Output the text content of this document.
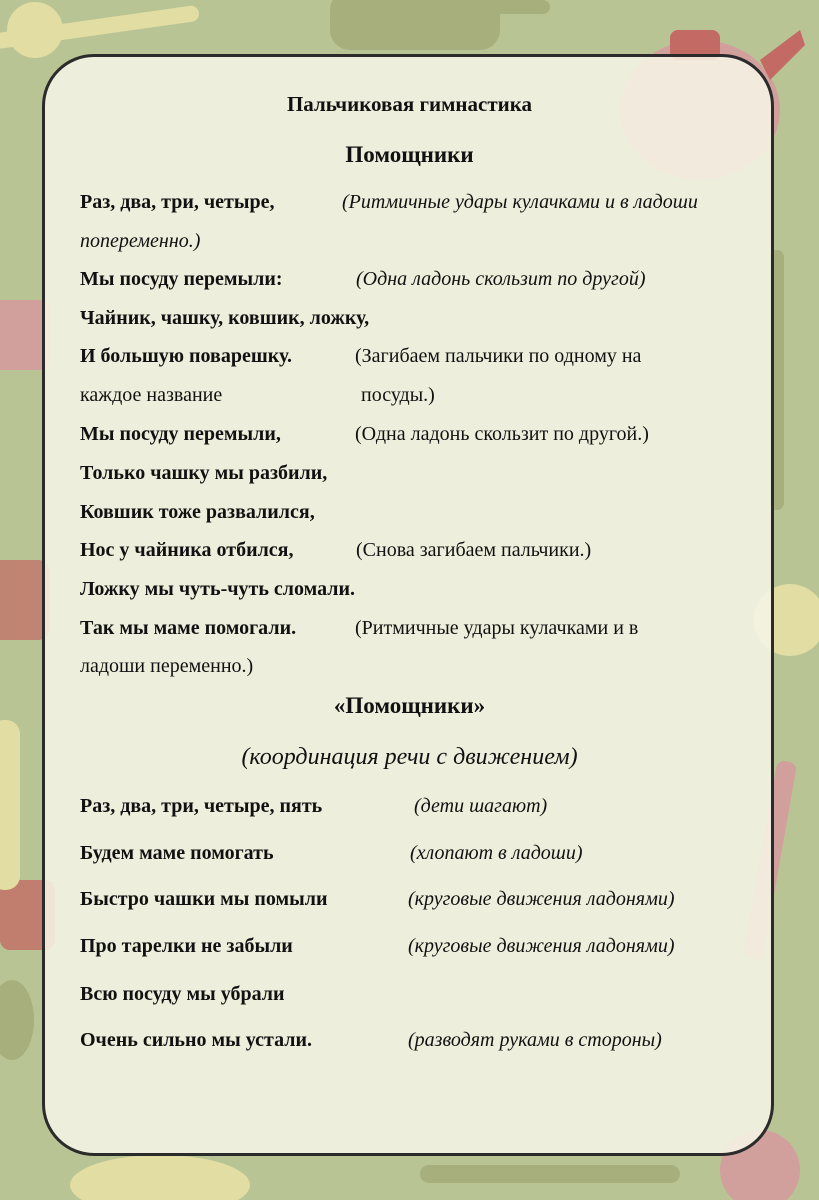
Пальчиковая гимнастика
Помощники
Раз, два, три, четыре,	(Ритмичные удары кулачками и в ладоши
попеременно.)
Мы посуду перемыли:	(Одна ладонь скользит по другой)
Чайник, чашку, ковшик, ложку,
И большую поварешку.	(Загибаем пальчики по одному на
каждое название	посуды.)
Мы посуду перемыли,	(Одна ладонь скользит по другой.)
Только чашку мы разбили,
Ковшик тоже развалился,
Нос у чайника отбился,	(Снова загибаем пальчики.)
Ложку мы чуть-чуть сломали.
Так мы маме помогали.	(Ритмичные удары кулачками и в
ладоши переменно.)
«Помощники»
(координация речи с движением)
Раз, два, три, четыре, пять	(дети шагают)
Будем маме помогать	(хлопают в ладоши)
Быстро чашки мы помыли	(круговые движения ладонями)
Про тарелки не забыли	(круговые движения ладонями)
Всю посуду мы убрали
Очень сильно мы устали.	(разводят руками в стороны)
